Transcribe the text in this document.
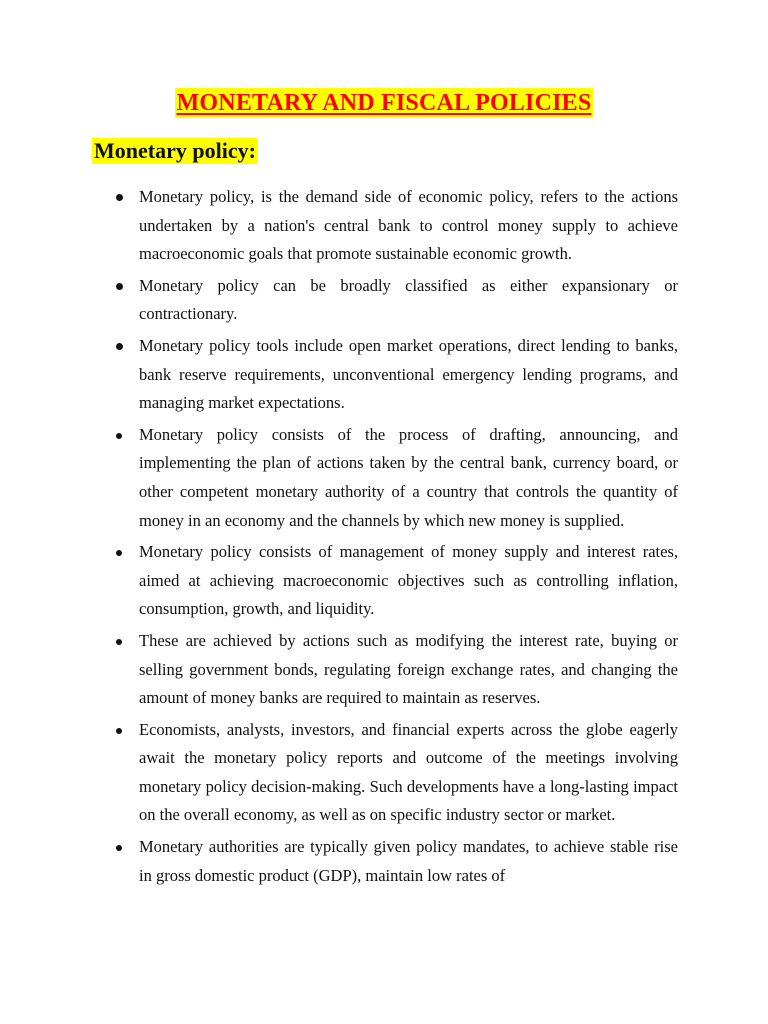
MONETARY AND FISCAL POLICIES
Monetary policy:
Monetary policy, is the demand side of economic policy, refers to the actions undertaken by a nation's central bank to control money supply to achieve macroeconomic goals that promote sustainable economic growth.
Monetary policy can be broadly classified as either expansionary or contractionary.
Monetary policy tools include open market operations, direct lending to banks, bank reserve requirements, unconventional emergency lending programs, and managing market expectations.
Monetary policy consists of the process of drafting, announcing, and implementing the plan of actions taken by the central bank, currency board, or other competent monetary authority of a country that controls the quantity of money in an economy and the channels by which new money is supplied.
Monetary policy consists of management of money supply and interest rates, aimed at achieving macroeconomic objectives such as controlling inflation, consumption, growth, and liquidity.
These are achieved by actions such as modifying the interest rate, buying or selling government bonds, regulating foreign exchange rates, and changing the amount of money banks are required to maintain as reserves.
Economists, analysts, investors, and financial experts across the globe eagerly await the monetary policy reports and outcome of the meetings involving monetary policy decision-making. Such developments have a long-lasting impact on the overall economy, as well as on specific industry sector or market.
Monetary authorities are typically given policy mandates, to achieve stable rise in gross domestic product (GDP), maintain low rates of
